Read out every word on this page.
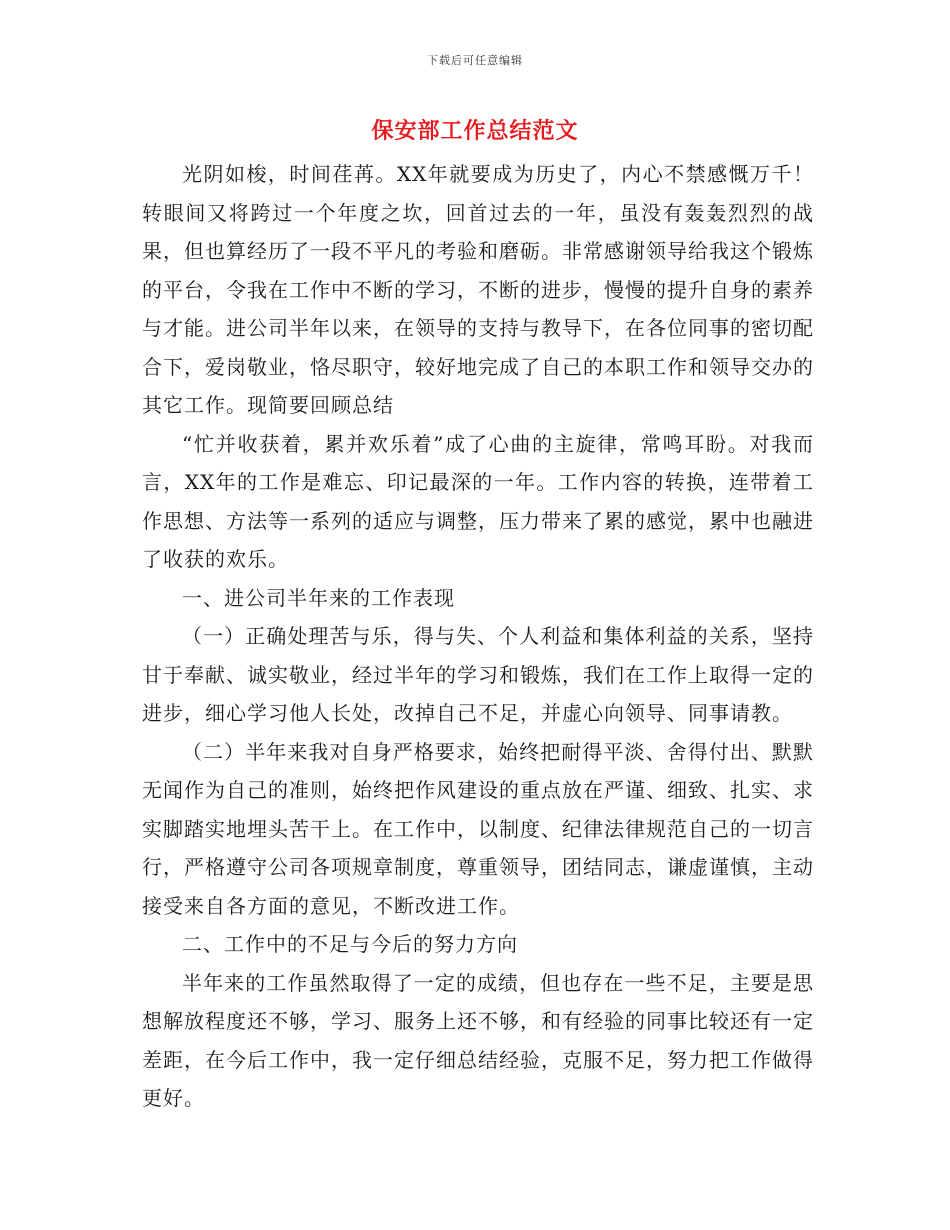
下载后可任意编辑
保安部工作总结范文

光阴如梭，时间荏苒。XX年就要成为历史了，内心不禁感慨万千！转眼间又将跨过一个年度之坎，回首过去的一年，虽没有轰轰烈烈的战果，但也算经历了一段不平凡的考验和磨砺。非常感谢领导给我这个锻炼的平台，令我在工作中不断的学习，不断的进步，慢慢的提升自身的素养与才能。进公司半年以来，在领导的支持与教导下，在各位同事的密切配合下，爱岗敬业，恪尽职守，较好地完成了自己的本职工作和领导交办的其它工作。现简要回顾总结

“忙并收获着，累并欢乐着”成了心曲的主旋律，常鸣耳盼。对我而言，XX年的工作是难忘、印记最深的一年。工作内容的转换，连带着工作思想、方法等一系列的适应与调整，压力带来了累的感觉，累中也融进了收获的欢乐。

一、进公司半年来的工作表现

（一）正确处理苦与乐，得与失、个人利益和集体利益的关系，坚持甘于奉献、诚实敬业，经过半年的学习和锻炼，我们在工作上取得一定的进步，细心学习他人长处，改掉自己不足，并虚心向领导、同事请教。

（二）半年来我对自身严格要求，始终把耐得平淡、舍得付出、默默无闻作为自己的准则，始终把作风建设的重点放在严谨、细致、扎实、求实脚踏实地埋头苦干上。在工作中，以制度、纪律法律规范自己的一切言行，严格遵守公司各项规章制度，尊重领导，团结同志，谦虚谨慎，主动接受来自各方面的意见，不断改进工作。

二、工作中的不足与今后的努力方向

半年来的工作虽然取得了一定的成绩，但也存在一些不足，主要是思想解放程度还不够，学习、服务上还不够，和有经验的同事比较还有一定差距，在今后工作中，我一定仔细总结经验，克服不足，努力把工作做得更好。
